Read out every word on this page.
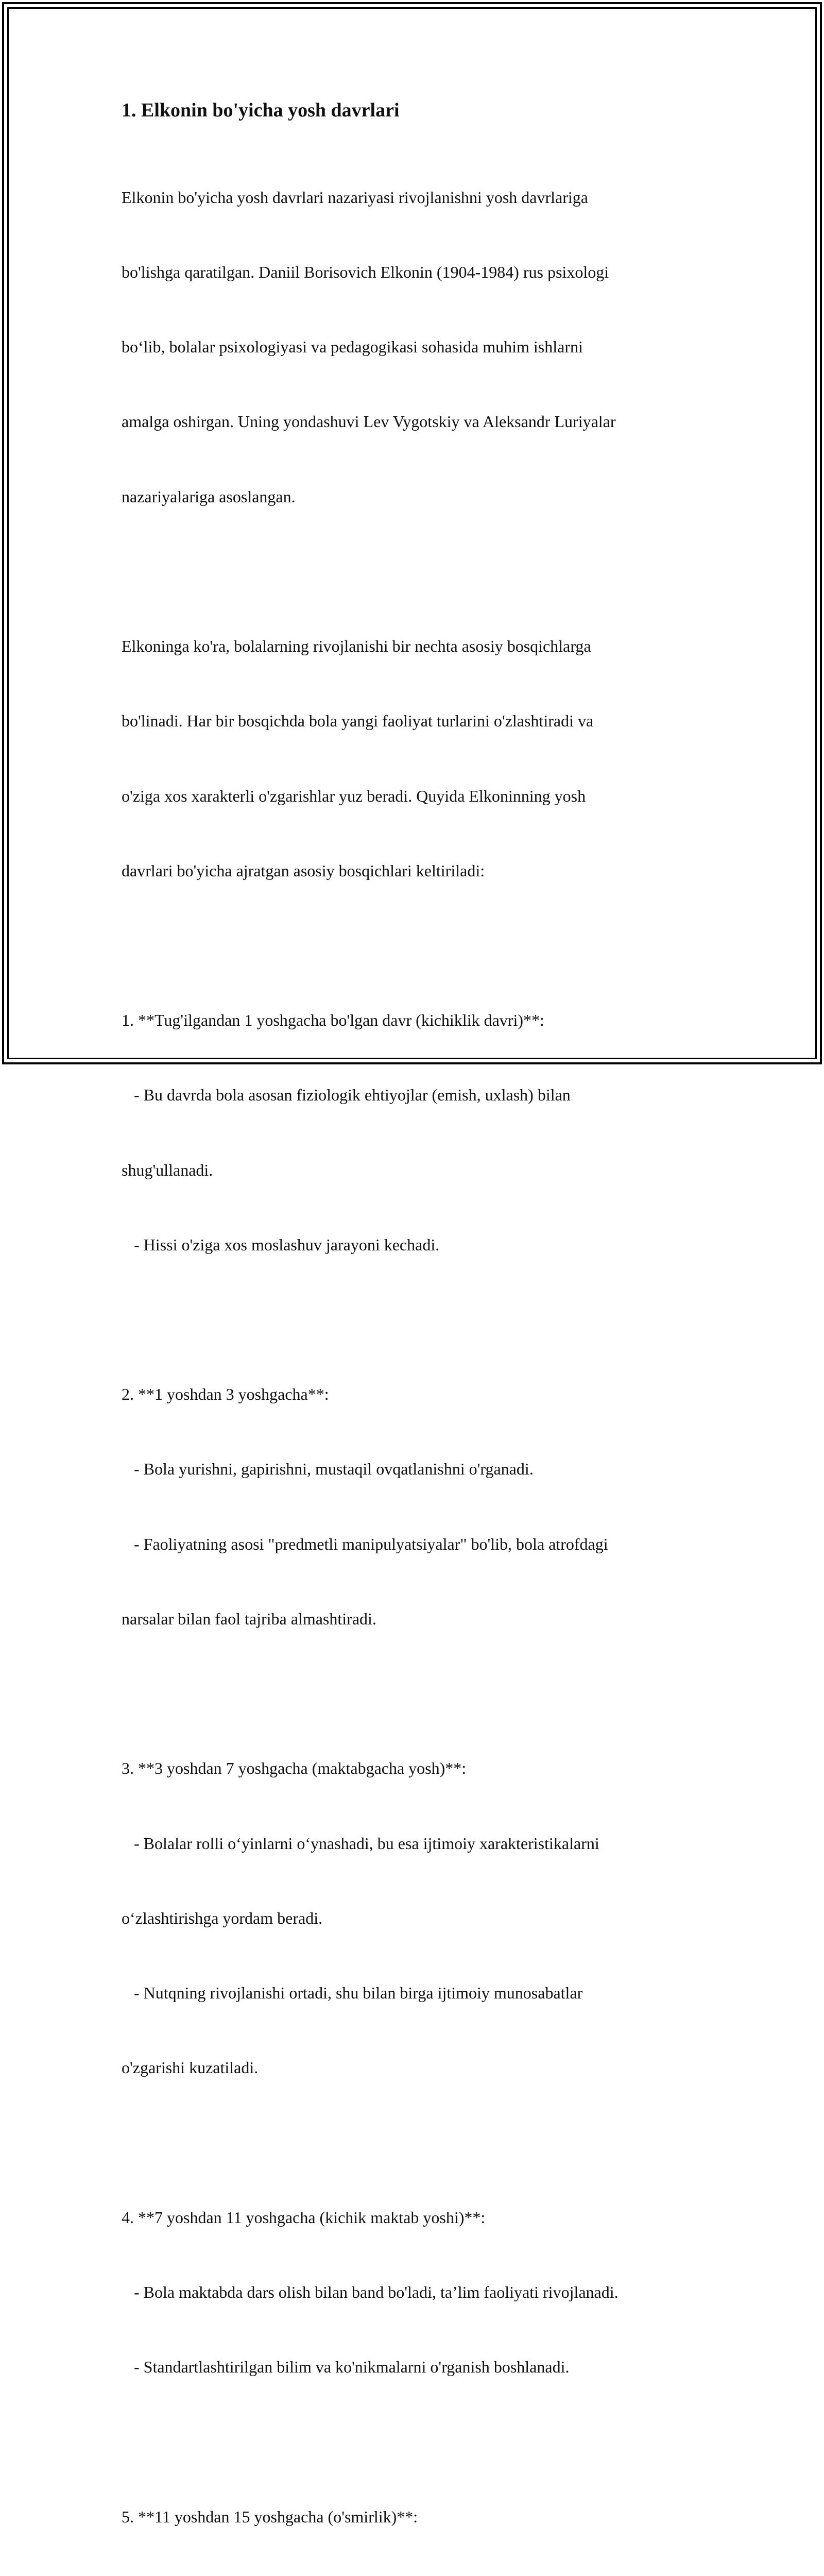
1. Elkonin bo'yicha yosh davrlari

Elkonin bo'yicha yosh davrlari nazariyasi rivojlanishni yosh davrlariga

bo'lishga qaratilgan. Daniil Borisovich Elkonin (1904-1984) rus psixologi

bo‘lib, bolalar psixologiyasi va pedagogikasi sohasida muhim ishlarni

amalga oshirgan. Uning yondashuvi Lev Vygotskiy va Aleksandr Luriyalar

nazariyalariga asoslangan.

Elkoninga ko'ra, bolalarning rivojlanishi bir nechta asosiy bosqichlarga

bo'linadi. Har bir bosqichda bola yangi faoliyat turlarini o'zlashtiradi va

o'ziga xos xarakterli o'zgarishlar yuz beradi. Quyida Elkoninning yosh

davrlari bo'yicha ajratgan asosiy bosqichlari keltiriladi:

1. **Tug'ilgandan 1 yoshgacha bo'lgan davr (kichiklik davri)**:

- Bu davrda bola asosan fiziologik ehtiyojlar (emish, uxlash) bilan

shug'ullanadi.

- Hissi o'ziga xos moslashuv jarayoni kechadi.

2. **1 yoshdan 3 yoshgacha**:

- Bola yurishni, gapirishni, mustaqil ovqatlanishni o'rganadi.

- Faoliyatning asosi "predmetli manipulyatsiyalar" bo'lib, bola atrofdagi

narsalar bilan faol tajriba almashtiradi.

3. **3 yoshdan 7 yoshgacha (maktabgacha yosh)**:

- Bolalar rolli o‘yinlarni o‘ynashadi, bu esa ijtimoiy xarakteristikalarni

o‘zlashtirishga yordam beradi.

- Nutqning rivojlanishi ortadi, shu bilan birga ijtimoiy munosabatlar

o'zgarishi kuzatiladi.

4. **7 yoshdan 11 yoshgacha (kichik maktab yoshi)**:

- Bola maktabda dars olish bilan band bo'ladi, ta’lim faoliyati rivojlanadi.

- Standartlashtirilgan bilim va ko'nikmalarni o'rganish boshlanadi.

5. **11 yoshdan 15 yoshgacha (o'smirlik)**:
